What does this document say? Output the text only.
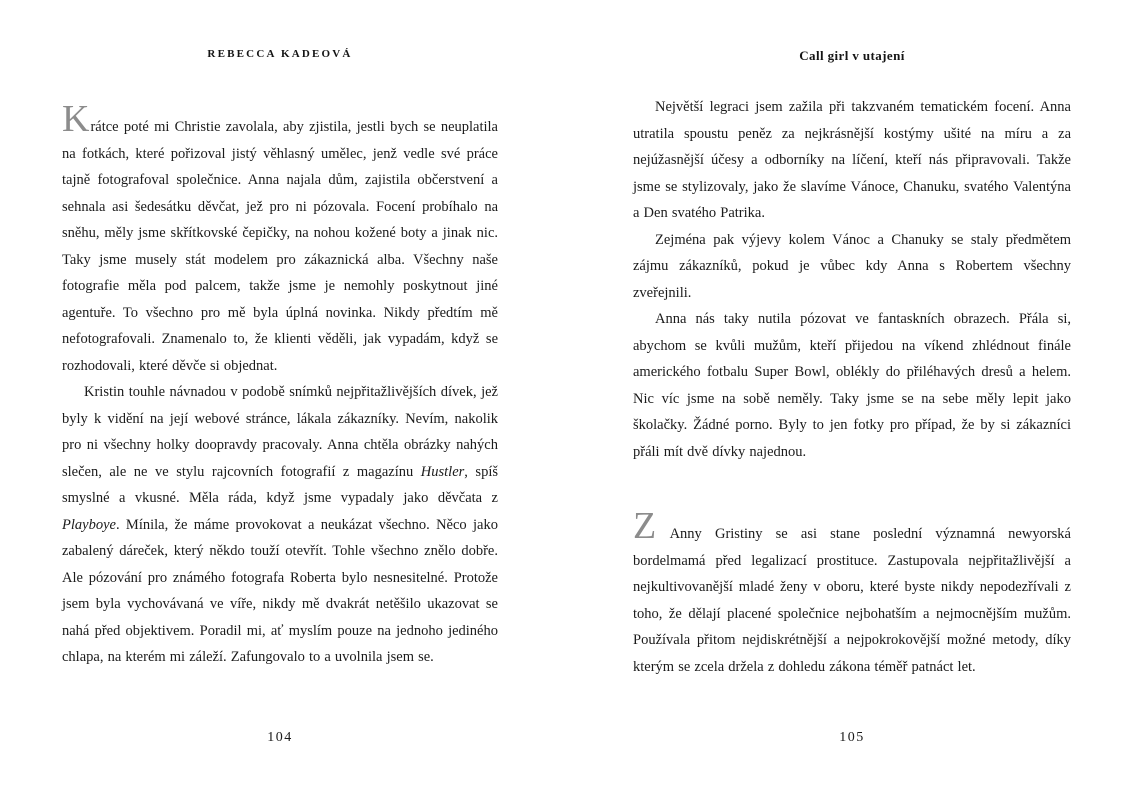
REBECCA KADEOVÁ

Krátce poté mi Christie zavolala, aby zjistila, jestli bych se neuplatila na fotkách, které pořizoval jistý věhlasný umělec, jenž vedle své práce tajně fotografoval společnice. Anna najala dům, zajistila občerstvení a sehnala asi šedesátku děvčat, jež pro ni pózovala. Focení probíhalo na sněhu, měly jsme skřítkovské čepičky, na nohou kožené boty a jinak nic. Taky jsme musely stát modelem pro zákaznická alba. Všechny naše fotografie měla pod palcem, takže jsme je nemohly poskytnout jiné agentuře. To všechno pro mě byla úplná novinka. Nikdy předtím mě nefotografovali. Znamenalo to, že klienti věděli, jak vypadám, když se rozhodovali, které děvče si objednat.

Kristin touhle návnadou v podobě snímků nejpřitažlivějších dívek, jež byly k vidění na její webové stránce, lákala zákazníky. Nevím, nakolik pro ni všechny holky doopravdy pracovaly. Anna chtěla obrázky nahých slečen, ale ne ve stylu rajcovních fotografií z magazínu Hustler, spíš smyslné a vkusné. Měla ráda, když jsme vypadaly jako děvčata z Playboye. Mínila, že máme provokovat a neukázat všechno. Něco jako zabalený dáreček, který někdo touží otevřít. Tohle všechno znělo dobře. Ale pózování pro známého fotografa Roberta bylo nesnesitelné. Protože jsem byla vychovávaná ve víře, nikdy mě dvakrát netěšilo ukazovat se nahá před objektivem. Poradil mi, ať myslím pouze na jednoho jediného chlapa, na kterém mi záleží. Zafungovalo to a uvolnila jsem se.

104
Call girl v utajení

Největší legraci jsem zažila při takzvaném tematickém focení. Anna utratila spoustu peněz za nejkrásnější kostýmy ušité na míru a za nejúžasnější účesy a odborníky na líčení, kteří nás připravovali. Takže jsme se stylizovaly, jako že slavíme Vánoce, Chanuku, svatého Valentýna a Den svatého Patrika.

Zejména pak výjevy kolem Vánoc a Chanuky se staly předmětem zájmu zákazníků, pokud je vůbec kdy Anna s Robertem všechny zveřejnili.

Anna nás taky nutila pózovat ve fantaskních obrazech. Přála si, abychom se kvůli mužům, kteří přijedou na víkend zhlédnout finále amerického fotbalu Super Bowl, oblékly do přiléhavých dresů a helem. Nic víc jsme na sobě neměly. Taky jsme se na sebe měly lepit jako školačky. Žádné porno. Byly to jen fotky pro případ, že by si zákazníci přáli mít dvě dívky najednou.

Z Anny Gristiny se asi stane poslední významná newyorská bordelmamá před legalizací prostituce. Zastupovala nejpřitažlivější a nejkultivovanější mladé ženy v oboru, které byste nikdy nepodezřívali z toho, že dělají placené společnice nejbohatším a nejmocnějším mužům. Používala přitom nejdiskrétnější a nejpokrokovější možné metody, díky kterým se zcela držela z dohledu zákona téměř patnáct let.

105
